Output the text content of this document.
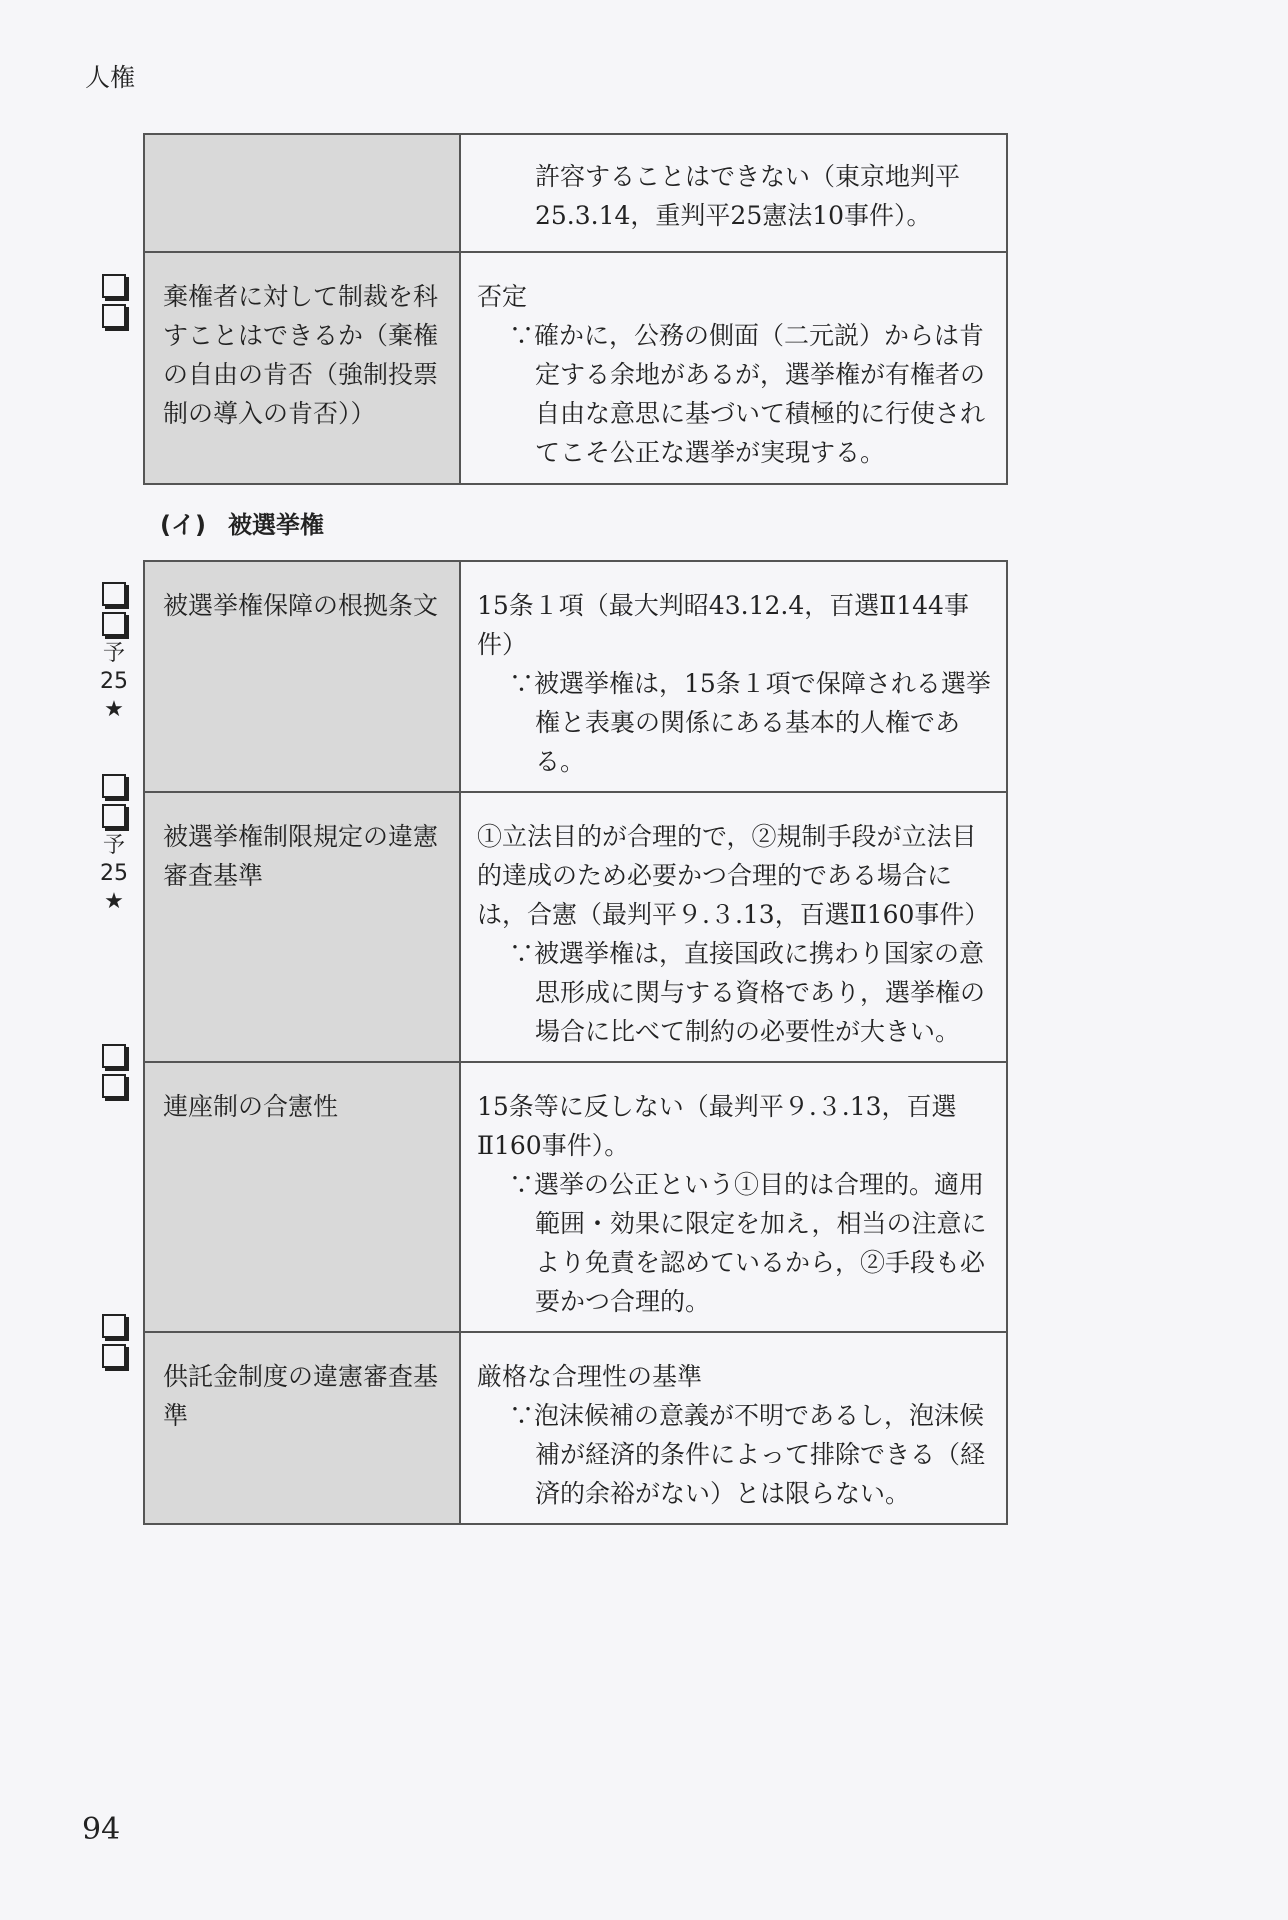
人権

	許容することはできない（東京地判平25.3.14，重判平25憲法10事件）。

棄権者に対して制裁を科すことはできるか（棄権の自由の肯否（強制投票制の導入の肯否））	否定
∵確かに，公務の側面（二元説）からは肯定する余地があるが，選挙権が有権者の自由な意思に基づいて積極的に行使されてこそ公正な選挙が実現する。
(イ) 被選挙権
被選挙権保障の根拠条文	15条１項（最大判昭43.12.4，百選Ⅱ144事件）
∵被選挙権は，15条１項で保障される選挙権と表裏の関係にある基本的人権である。

被選挙権制限規定の違憲審査基準	①立法目的が合理的で，②規制手段が立法目的達成のため必要かつ合理的である場合には，合憲（最判平９.３.13，百選Ⅱ160事件）
∵被選挙権は，直接国政に携わり国家の意思形成に関与する資格であり，選挙権の場合に比べて制約の必要性が大きい。

連座制の合憲性	15条等に反しない（最判平９.３.13，百選Ⅱ160事件）。
∵選挙の公正という①目的は合理的。適用範囲・効果に限定を加え，相当の注意により免責を認めているから，②手段も必要かつ合理的。

供託金制度の違憲審査基準	厳格な合理性の基準
∵泡沫候補の意義が不明であるし，泡沫候補が経済的条件によって排除できる（経済的余裕がない）とは限らない。
予
25
★
予
25
★
94
